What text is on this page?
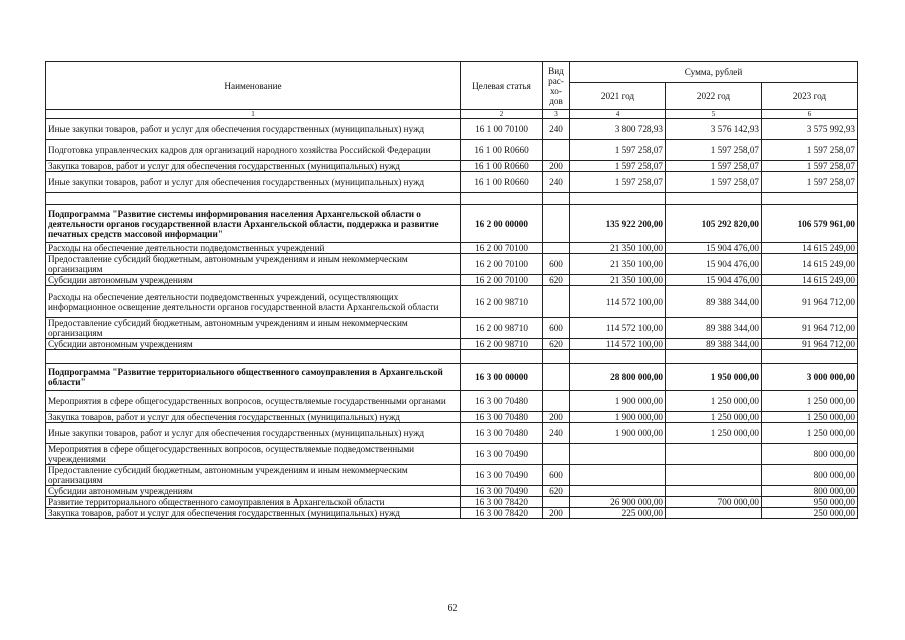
Наименование	Целевая статья	Вид рас- хо- дов	Сумма, рублей		
			2021 год	2022 год	2023 год
1	2	3	4	5	6
Иные закупки товаров, работ и услуг для обеспечения государственных (муниципальных) нужд	16 1 00 70100	240	3 800 728,93	3 576 142,93	3 575 992,93
Подготовка управленческих кадров для организаций народного хозяйства Российской Федерации	16 1 00 R0660		1 597 258,07	1 597 258,07	1 597 258,07
Закупка товаров, работ и услуг для обеспечения государственных (муниципальных) нужд	16 1 00 R0660	200	1 597 258,07	1 597 258,07	1 597 258,07
Иные закупки товаров, работ и услуг для обеспечения государственных (муниципальных) нужд	16 1 00 R0660	240	1 597 258,07	1 597 258,07	1 597 258,07

Подпрограмма "Развитие системы информирования населения Архангельской области о деятельности органов государственной власти Архангельской области, поддержка и развитие печатных средств массовой информации"	16 2 00 00000		135 922 200,00	105 292 820,00	106 579 961,00
Расходы на обеспечение деятельности подведомственных учреждений	16 2 00 70100		21 350 100,00	15 904 476,00	14 615 249,00
Предоставление субсидий бюджетным, автономным учреждениям и иным некоммерческим организациям	16 2 00 70100	600	21 350 100,00	15 904 476,00	14 615 249,00
Субсидии автономным учреждениям	16 2 00 70100	620	21 350 100,00	15 904 476,00	14 615 249,00
Расходы на обеспечение деятельности подведомственных учреждений, осуществляющих информационное освещение деятельности органов государственной власти Архангельской области	16 2 00 98710		114 572 100,00	89 388 344,00	91 964 712,00
Предоставление субсидий бюджетным, автономным учреждениям и иным некоммерческим организациям	16 2 00 98710	600	114 572 100,00	89 388 344,00	91 964 712,00
Субсидии автономным учреждениям	16 2 00 98710	620	114 572 100,00	89 388 344,00	91 964 712,00

Подпрограмма "Развитие территориального общественного самоуправления в Архангельской области"	16 3 00 00000		28 800 000,00	1 950 000,00	3 000 000,00
Мероприятия в сфере общегосударственных вопросов, осуществляемые государственными органами	16 3 00 70480		1 900 000,00	1 250 000,00	1 250 000,00
Закупка товаров, работ и услуг для обеспечения государственных (муниципальных) нужд	16 3 00 70480	200	1 900 000,00	1 250 000,00	1 250 000,00
Иные закупки товаров, работ и услуг для обеспечения государственных (муниципальных) нужд	16 3 00 70480	240	1 900 000,00	1 250 000,00	1 250 000,00
Мероприятия в сфере общегосударственных вопросов, осуществляемые подведомственными учреждениями	16 3 00 70490				800 000,00
Предоставление субсидий бюджетным, автономным учреждениям и иным некоммерческим организациям	16 3 00 70490	600			800 000,00
Субсидии автономным учреждениям	16 3 00 70490	620			800 000,00
Развитие территориального общественного самоуправления в Архангельской области	16 3 00 78420		26 900 000,00	700 000,00	950 000,00
Закупка товаров, работ и услуг для обеспечения государственных (муниципальных) нужд	16 3 00 78420	200	225 000,00		250 000,00
62
